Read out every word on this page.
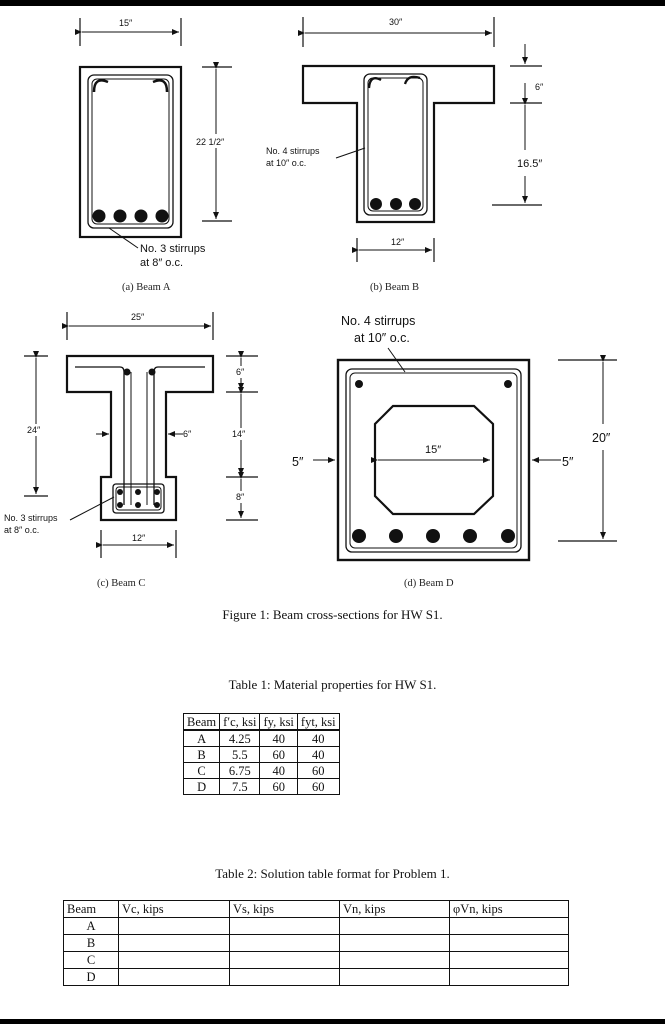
15″
22 1/2″
No. 3 stirrups
at 8″ o.c.
(a) Beam A
30″
6″
16.5″
12″
No. 4 stirrups
at 10″ o.c.
(b) Beam B
25″
24″	6″
6″
14″
8″
12″
No. 3 stirrups
at 8″ o.c.
(c) Beam C
No. 4 stirrups
at 10″ o.c.
15″
5″	5″
20″
(d) Beam D
Figure 1: Beam cross-sections for HW S1.
Table 1: Material properties for HW S1.
Beam	f′c, ksi	fy, ksi	fyt, ksi
A	4.25	40	40
B	5.5	60	40
C	6.75	40	60
D	7.5	60	60
Table 2: Solution table format for Problem 1.
Beam	Vc, kips	Vs, kips	Vn, kips	φVn, kips
A				
B				
C				
D				
